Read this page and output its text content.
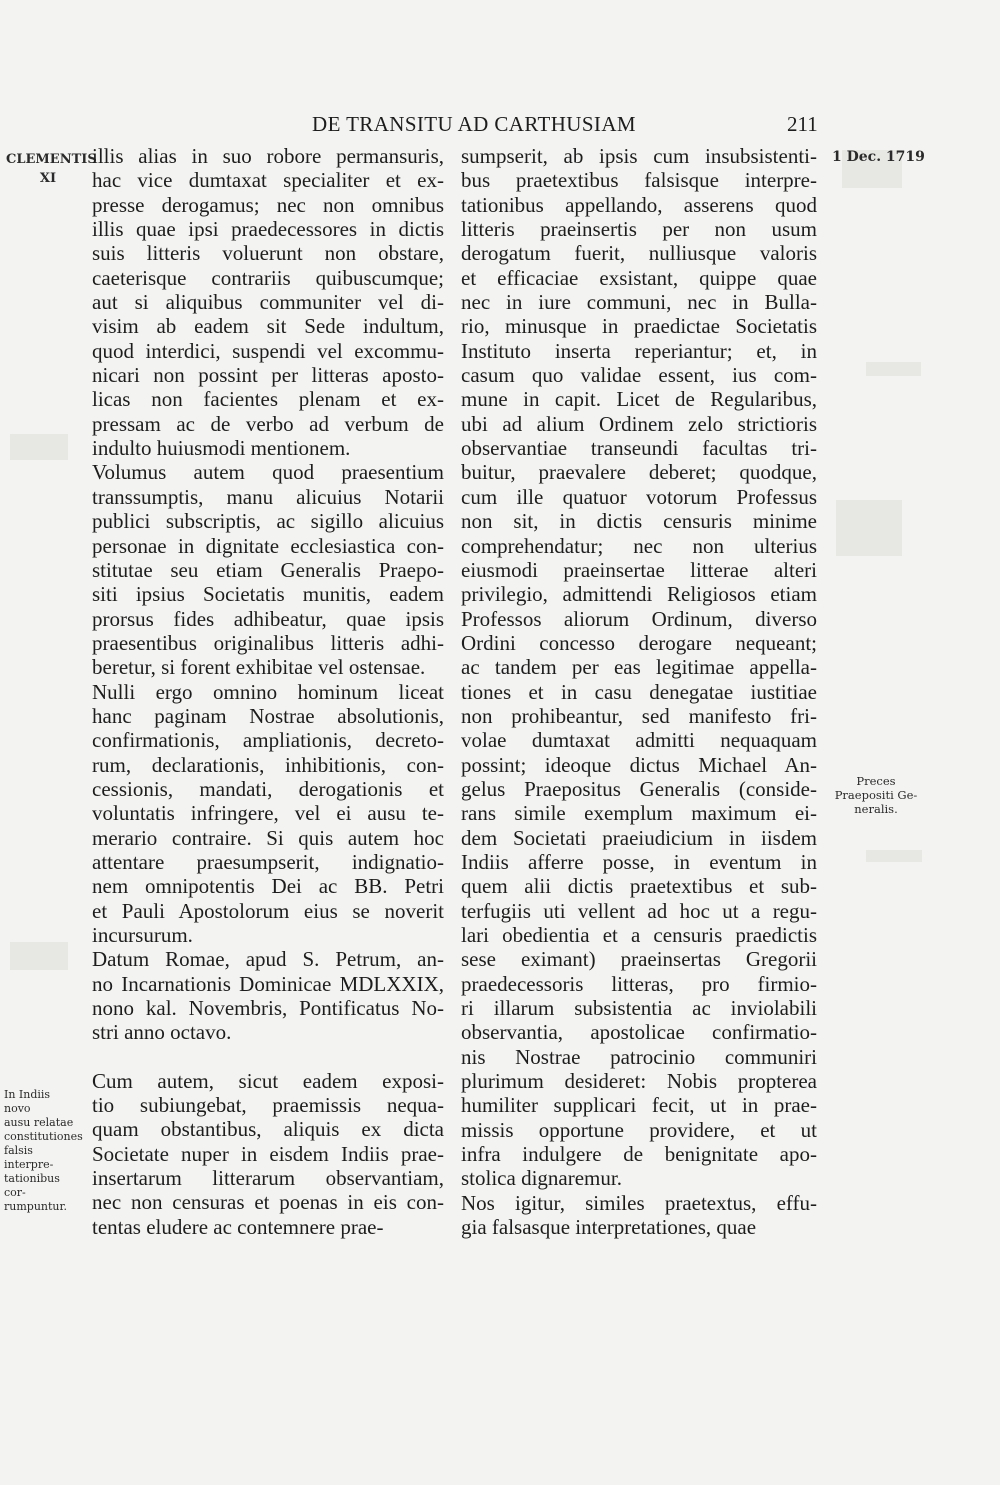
DE TRANSITU AD CARTHUSIAM	211
CLEMENTIS
XI
1 Dec. 1719
Preces
Praepositi Ge-
neralis.
In Indiis novo
ausu relatae
constitutiones
falsis interpre-
tationibus cor-
rumpuntur.
illis alias in suo robore permansuris,
hac vice dumtaxat specialiter et ex-
presse derogamus; nec non omnibus
illis quae ipsi praedecessores in dictis
suis litteris voluerunt non obstare,
caeterisque contrariis quibuscumque;
aut si aliquibus communiter vel di-
visim ab eadem sit Sede indultum,
quod interdici, suspendi vel excommu-
nicari non possint per litteras aposto-
licas non facientes plenam et ex-
pressam ac de verbo ad verbum de
indulto huiusmodi mentionem.
Volumus autem quod praesentium
transsumptis, manu alicuius Notarii
publici subscriptis, ac sigillo alicuius
personae in dignitate ecclesiastica con-
stitutae seu etiam Generalis Praepo-
siti ipsius Societatis munitis, eadem
prorsus fides adhibeatur, quae ipsis
praesentibus originalibus litteris adhi-
beretur, si forent exhibitae vel ostensae.
Nulli ergo omnino hominum liceat
hanc paginam Nostrae absolutionis,
confirmationis, ampliationis, decreto-
rum, declarationis, inhibitionis, con-
cessionis, mandati, derogationis et
voluntatis infringere, vel ei ausu te-
merario contraire. Si quis autem hoc
attentare praesumpserit, indignatio-
nem omnipotentis Dei ac BB. Petri
et Pauli Apostolorum eius se noverit
incursurum.
Datum Romae, apud S. Petrum, an-
no Incarnationis Dominicae MDLXXIX,
nono kal. Novembris, Pontificatus No-
stri anno octavo.
Cum autem, sicut eadem exposi-
tio subiungebat, praemissis nequa-
quam obstantibus, aliquis ex dicta
Societate nuper in eisdem Indiis prae-
insertarum litterarum observantiam,
nec non censuras et poenas in eis con-
tentas eludere ac contemnere prae-
sumpserit, ab ipsis cum insubsistenti-
bus praetextibus falsisque interpre-
tationibus appellando, asserens quod
litteris praeinsertis per non usum
derogatum fuerit, nulliusque valoris
et efficaciae exsistant, quippe quae
nec in iure communi, nec in Bulla-
rio, minusque in praedictae Societatis
Instituto inserta reperiantur; et, in
casum quo validae essent, ius com-
mune in capit. Licet de Regularibus,
ubi ad alium Ordinem zelo strictioris
observantiae transeundi facultas tri-
buitur, praevalere deberet; quodque,
cum ille quatuor votorum Professus
non sit, in dictis censuris minime
comprehendatur; nec non ulterius
eiusmodi praeinsertae litterae alteri
privilegio, admittendi Religiosos etiam
Professos aliorum Ordinum, diverso
Ordini concesso derogare nequeant;
ac tandem per eas legitimae appella-
tiones et in casu denegatae iustitiae
non prohibeantur, sed manifesto fri-
volae dumtaxat admitti nequaquam
possint; ideoque dictus Michael An-
gelus Praepositus Generalis (conside-
rans simile exemplum maximum ei-
dem Societati praeiudicium in iisdem
Indiis afferre posse, in eventum in
quem alii dictis praetextibus et sub-
terfugiis uti vellent ad hoc ut a regu-
lari obedientia et a censuris praedictis
sese eximant) praeinsertas Gregorii
praedecessoris litteras, pro firmio-
ri illarum subsistentia ac inviolabili
observantia, apostolicae confirmatio-
nis Nostrae patrocinio communiri
plurimum desideret: Nobis propterea
humiliter supplicari fecit, ut in prae-
missis opportune providere, et ut
infra indulgere de benignitate apo-
stolica dignaremur.
Nos igitur, similes praetextus, effu-
gia falsasque interpretationes, quae
